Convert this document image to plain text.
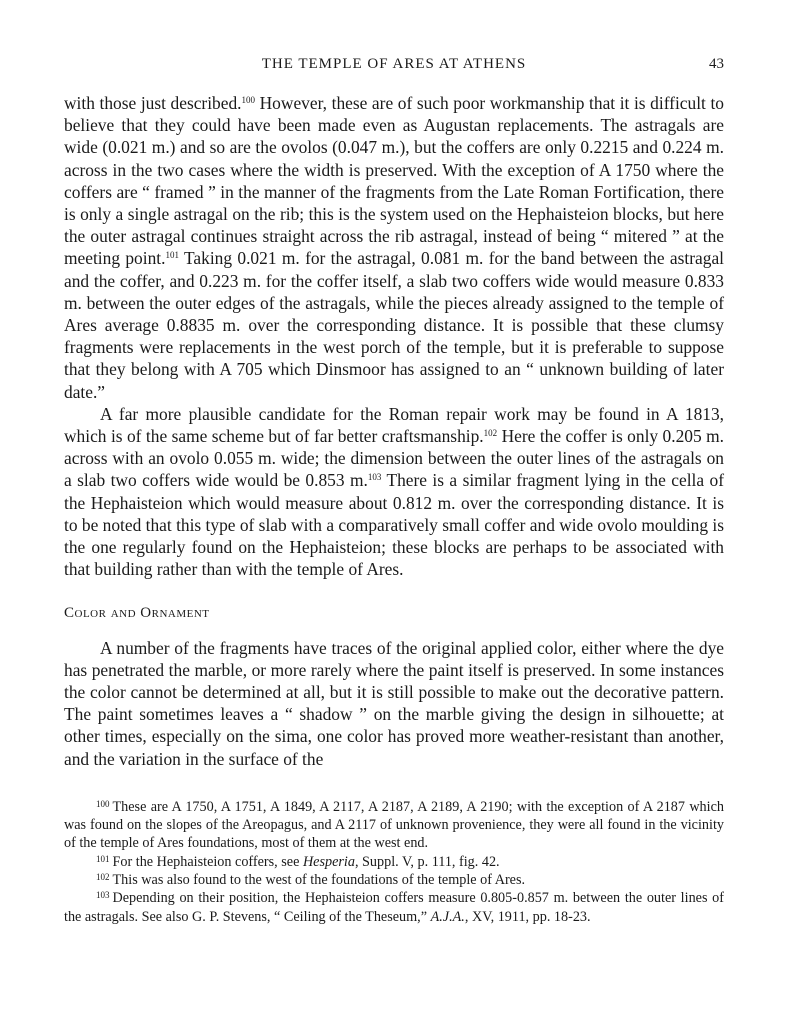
THE TEMPLE OF ARES AT ATHENS	43

with those just described.$^{100}$ However, these are of such poor workmanship that it is difficult to believe that they could have been made even as Augustan replacements. The astragals are wide (0.021 m.) and so are the ovolos (0.047 m.), but the coffers are only 0.2215 and 0.224 m. across in the two cases where the width is preserved. With the exception of A 1750 where the coffers are “ framed ” in the manner of the fragments from the Late Roman Fortification, there is only a single astragal on the rib; this is the system used on the Hephaisteion blocks, but here the outer astragal continues straight across the rib astragal, instead of being “ mitered ” at the meeting point.$^{101}$ Taking 0.021 m. for the astragal, 0.081 m. for the band between the astragal and the coffer, and 0.223 m. for the coffer itself, a slab two coffers wide would measure 0.833 m. between the outer edges of the astragals, while the pieces already assigned to the temple of Ares average 0.8835 m. over the corresponding distance. It is possible that these clumsy fragments were replacements in the west porch of the temple, but it is preferable to suppose that they belong with A 705 which Dinsmoor has assigned to an “ unknown building of later date.”

A far more plausible candidate for the Roman repair work may be found in A 1813, which is of the same scheme but of far better craftsmanship.$^{102}$ Here the coffer is only 0.205 m. across with an ovolo 0.055 m. wide; the dimension between the outer lines of the astragals on a slab two coffers wide would be 0.853 m.$^{103}$ There is a similar fragment lying in the cella of the Hephaisteion which would measure about 0.812 m. over the corresponding distance. It is to be noted that this type of slab with a comparatively small coffer and wide ovolo moulding is the one regularly found on the Hephaisteion; these blocks are perhaps to be associated with that building rather than with the temple of Ares.

Color and Ornament

A number of the fragments have traces of the original applied color, either where the dye has penetrated the marble, or more rarely where the paint itself is preserved. In some instances the color cannot be determined at all, but it is still possible to make out the decorative pattern. The paint sometimes leaves a “ shadow ” on the marble giving the design in silhouette; at other times, especially on the sima, one color has proved more weather-resistant than another, and the variation in the surface of the

$^{100}$ These are A 1750, A 1751, A 1849, A 2117, A 2187, A 2189, A 2190; with the exception of A 2187 which was found on the slopes of the Areopagus, and A 2117 of unknown provenience, they were all found in the vicinity of the temple of Ares foundations, most of them at the west end.

$^{101}$ For the Hephaisteion coffers, see Hesperia, Suppl. V, p. 111, fig. 42.

$^{102}$ This was also found to the west of the foundations of the temple of Ares.

$^{103}$ Depending on their position, the Hephaisteion coffers measure 0.805-0.857 m. between the outer lines of the astragals. See also G. P. Stevens, “ Ceiling of the Theseum,” A.J.A., XV, 1911, pp. 18-23.
